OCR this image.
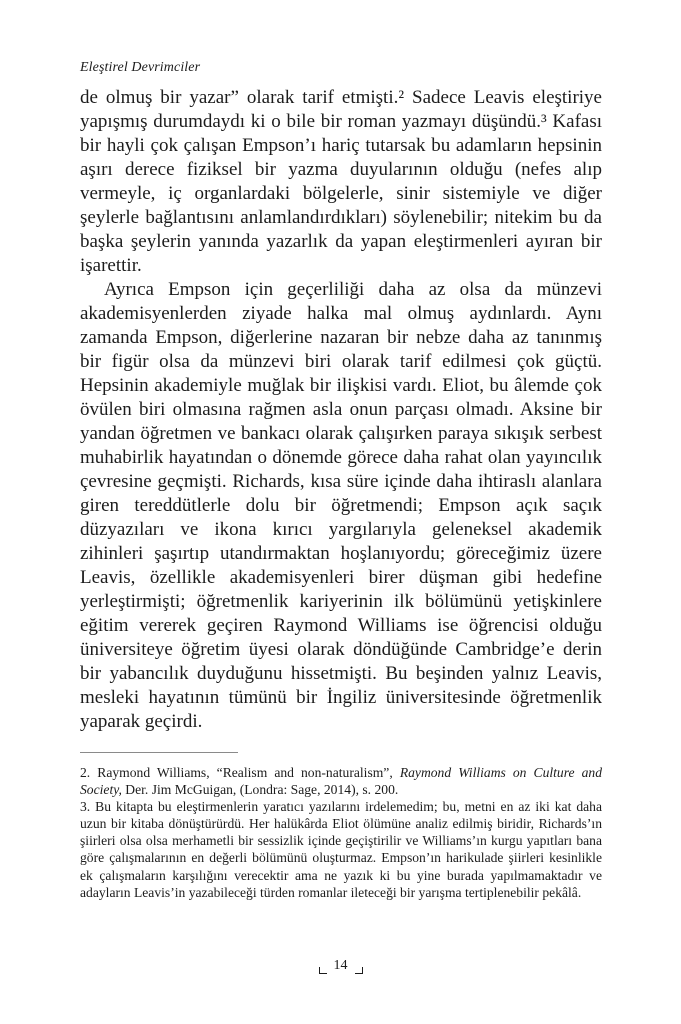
Eleştirel Devrimciler

de olmuş bir yazar” olarak tarif etmişti.² Sadece Leavis eleştiriye yapışmış durumdaydı ki o bile bir roman yazmayı düşündü.³ Kafası bir hayli çok çalışan Empson’ı hariç tutarsak bu adamların hepsinin aşırı derece fiziksel bir yazma duyularının olduğu (nefes alıp vermeyle, iç organlardaki bölgelerle, sinir sistemiyle ve diğer şeylerle bağlantısını anlamlandırdıkları) söylenebilir; nitekim bu da başka şeylerin yanında yazarlık da yapan eleştirmenleri ayıran bir işarettir.

Ayrıca Empson için geçerliliği daha az olsa da münzevi akademisyenlerden ziyade halka mal olmuş aydınlardı. Aynı zamanda Empson, diğerlerine nazaran bir nebze daha az tanınmış bir figür olsa da münzevi biri olarak tarif edilmesi çok güçtü. Hepsinin akademiyle muğlak bir ilişkisi vardı. Eliot, bu âlemde çok övülen biri olmasına rağmen asla onun parçası olmadı. Aksine bir yandan öğretmen ve bankacı olarak çalışırken paraya sıkışık serbest muhabirlik hayatından o dönemde görece daha rahat olan yayıncılık çevresine geçmişti. Richards, kısa süre içinde daha ihtiraslı alanlara giren tereddütlerle dolu bir öğretmendi; Empson açık saçık düzyazıları ve ikona kırıcı yargılarıyla geleneksel akademik zihinleri şaşırtıp utandırmaktan hoşlanıyordu; göreceğimiz üzere Leavis, özellikle akademisyenleri birer düşman gibi hedefine yerleştirmişti; öğretmenlik kariyerinin ilk bölümünü yetişkinlere eğitim vererek geçiren Raymond Williams ise öğrencisi olduğu üniversiteye öğretim üyesi olarak döndüğünde Cambridge’e derin bir yabancılık duyduğunu hissetmişti. Bu beşinden yalnız Leavis, mesleki hayatının tümünü bir İngiliz üniversitesinde öğretmenlik yaparak geçirdi.

2. Raymond Williams, “Realism and non-naturalism”, Raymond Williams on Culture and Society, Der. Jim McGuigan, (Londra: Sage, 2014), s. 200.

3. Bu kitapta bu eleştirmenlerin yaratıcı yazılarını irdelemedim; bu, metni en az iki kat daha uzun bir kitaba dönüştürürdü. Her halükârda Eliot ölümüne analiz edilmiş biridir, Richards’ın şiirleri olsa olsa merhametli bir sessizlik içinde geçiştirilir ve Williams’ın kurgu yapıtları bana göre çalışmalarının en değerli bölümünü oluşturmaz. Empson’ın harikulade şiirleri kesinlikle ek çalışmaların karşılığını verecektir ama ne yazık ki bu yine burada yapılmamaktadır ve adayların Leavis’in yazabileceği türden romanlar ileteceği bir yarışma tertiplenebilir pekâlâ.

14
